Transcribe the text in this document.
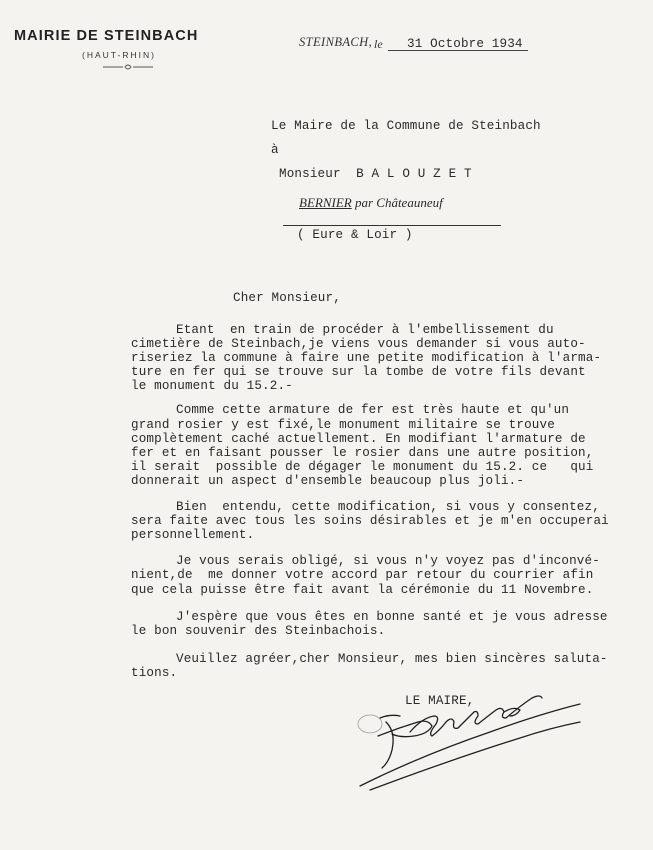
MAIRIE DE STEINBACH
(HAUT-RHIN)
STEINBACH, le 31 Octobre 1934
Le Maire de la Commune de Steinbach
à
Monsieur  B A L O U Z E T
BERNIER par Châteauneuf
( Eure & Loir )
Cher Monsieur,
Etant  en train de procéder à l'embellissement du
cimetière de Steinbach,je viens vous demander si vous auto-
riseriez la commune à faire une petite modification à l'arma-
ture en fer qui se trouve sur la tombe de votre fils devant
le monument du 15.2.-
Comme cette armature de fer est très haute et qu'un
grand rosier y est fixé,le monument militaire se trouve
complètement caché actuellement. En modifiant l'armature de
fer et en faisant pousser le rosier dans une autre position,
il serait  possible de dégager le monument du 15.2. ce   qui
donnerait un aspect d'ensemble beaucoup plus joli.-
Bien  entendu, cette modification, si vous y consentez,
sera faite avec tous les soins désirables et je m'en occuperai
personnellement.
Je vous serais obligé, si vous n'y voyez pas d'inconvé-
nient,de  me donner votre accord par retour du courrier afin
que cela puisse être fait avant la cérémonie du 11 Novembre.
J'espère que vous êtes en bonne santé et je vous adresse
le bon souvenir des Steinbachois.
Veuillez agréer,cher Monsieur, mes bien sincères saluta-
tions.
LE MAIRE,
